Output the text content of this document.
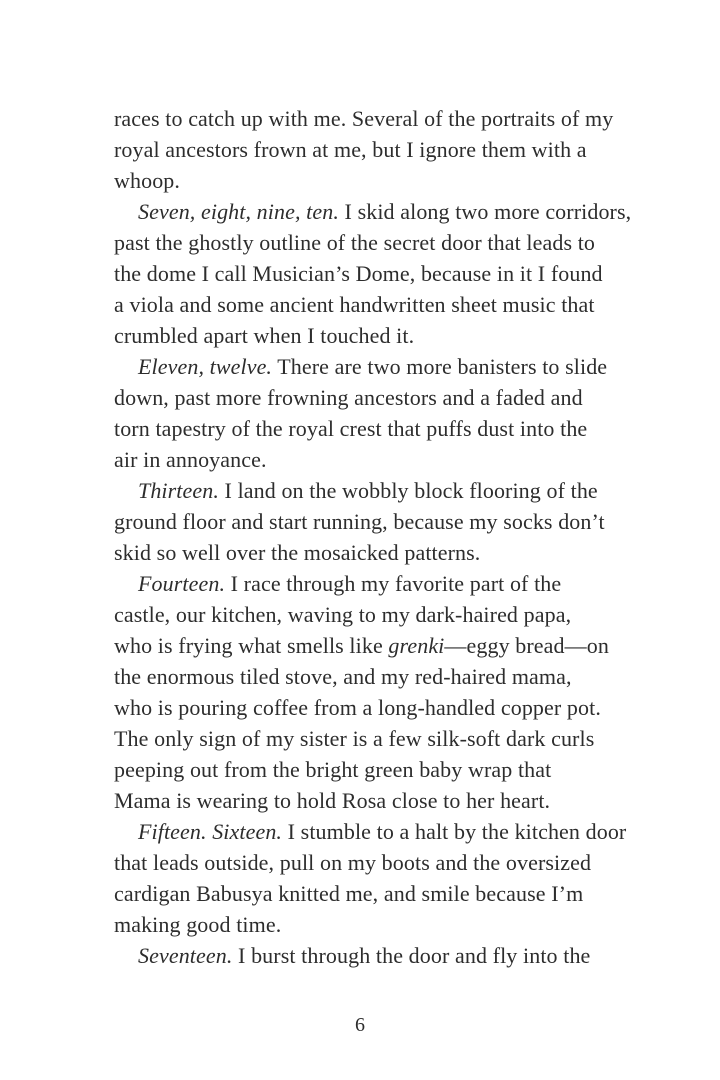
races to catch up with me. Several of the portraits of my
royal ancestors frown at me, but I ignore them with a
whoop.
Seven, eight, nine, ten. I skid along two more corridors,
past the ghostly outline of the secret door that leads to
the dome I call Musician’s Dome, because in it I found
a viola and some ancient handwritten sheet music that
crumbled apart when I touched it.
Eleven, twelve. There are two more banisters to slide
down, past more frowning ancestors and a faded and
torn tapestry of the royal crest that puffs dust into the
air in annoyance.
Thirteen. I land on the wobbly block flooring of the
ground floor and start running, because my socks don’t
skid so well over the mosaicked patterns.
Fourteen. I race through my favorite part of the
castle, our kitchen, waving to my dark-haired papa,
who is frying what smells like grenki—eggy bread—on
the enormous tiled stove, and my red-haired mama,
who is pouring coffee from a long-handled copper pot.
The only sign of my sister is a few silk-soft dark curls
peeping out from the bright green baby wrap that
Mama is wearing to hold Rosa close to her heart.
Fifteen. Sixteen. I stumble to a halt by the kitchen door
that leads outside, pull on my boots and the oversized
cardigan Babusya knitted me, and smile because I’m
making good time.
Seventeen. I burst through the door and fly into the
6
